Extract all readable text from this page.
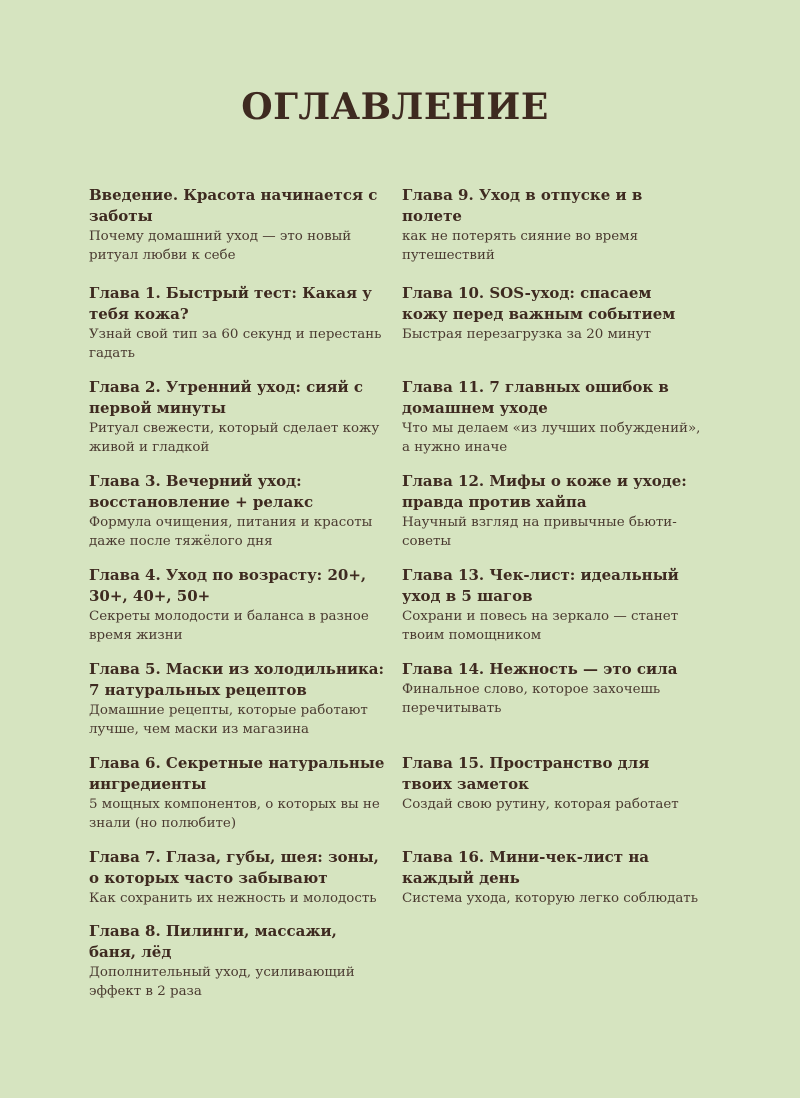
ОГЛАВЛЕНИЕ
Введение. Красота начинается с заботы
Почему домашний уход — это новый ритуал любви к себе
Глава 1. Быстрый тест: Какая у тебя кожа?
Узнай свой тип за 60 секунд и перестань гадать
Глава 2. Утренний уход: сияй с первой минуты
Ритуал свежести, который сделает кожу живой и гладкой
Глава 3. Вечерний уход: восстановление + релакс
Формула очищения, питания и красоты даже после тяжёлого дня
Глава 4. Уход по возрасту: 20+, 30+, 40+, 50+
Секреты молодости и баланса в разное время жизни
Глава 5. Маски из холодильника: 7 натуральных рецептов
Домашние рецепты, которые работают лучше, чем маски из магазина
Глава 6. Секретные натуральные ингредиенты
5 мощных компонентов, о которых вы не знали (но полюбите)
Глава 7. Глаза, губы, шея: зоны, о которых часто забывают
Как сохранить их нежность и молодость
Глава 8. Пилинги, массажи, баня, лёд
Дополнительный уход, усиливающий эффект в 2 раза
Глава 9. Уход в отпуске и в полете
как не потерять сияние во время путешествий
Глава 10. SOS-уход: спасаем кожу перед важным событием
Быстрая перезагрузка за 20 минут
Глава 11. 7 главных ошибок в домашнем уходе
Что мы делаем «из лучших побуждений», а нужно иначе
Глава 12. Мифы о коже и уходе: правда против хайпа
Научный взгляд на привычные бьюти-советы
Глава 13. Чек-лист: идеальный уход в 5 шагов
Сохрани и повесь на зеркало — станет твоим помощником
Глава 14. Нежность — это сила
Финальное слово, которое захочешь перечитывать
Глава 15. Пространство для твоих заметок
Создай свою рутину, которая работает
Глава 16. Мини-чек-лист на каждый день
Система ухода, которую легко соблюдать
